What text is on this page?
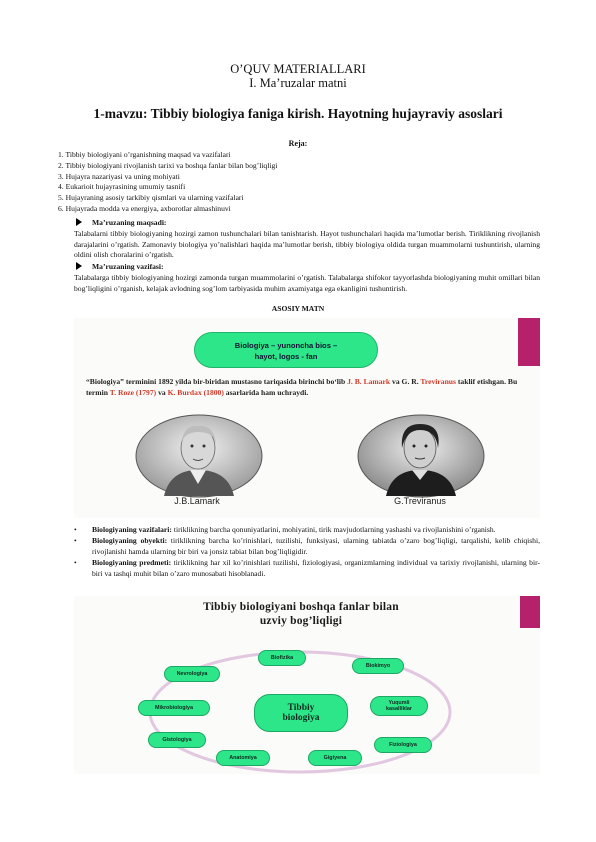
O’QUV MATERIALLARI
I. Ma’ruzalar matni
1-mavzu: Tibbiy biologiya faniga kirish. Hayotning hujayraviy asoslari
Reja:
1. Tibbiy biologiyani o’rganishning maqsad va vazifalari
2. Tibbiy biologiyani rivojlanish tarixi va boshqa fanlar bilan bog’liqligi
3. Hujayra nazariyasi va uning mohiyati
4. Eukarioit hujayrasining umumiy tasnifi
5. Hujayraning asosiy tarkibiy qismlari va ularning vazifalari
6. Hujayrada modda va energiya, axborotlar almashinuvi
Ma’ruzaning maqsadi:
Talabalarni tibbiy biologiyaning hozirgi zamon tushunchalari bilan tanishtarish. Hayot tushunchalari haqida ma’lumotlar berish. Tiriklikning rivojlanish darajalarini o’rgatish. Zamonaviy biologiya yo’nalishlari haqida ma’lumotlar berish, tibbiy biologiya oldida turgan muammolarni tushuntirish, ularning oldini olish choralarini o’rgatish.
Ma’ruzaning vazifasi:
Talabalarga tibbiy biologiyaning hozirgi zamonda turgan muammolarini o’rgatish. Talabalarga shifokor tayyorlashda biologiyaning muhit omillari bilan bog’liqligini o’rganish, kelajak avlodning sog’lom tarbiyasida muhim axamiyatga ega ekanligini tushuntirish.
ASOSIY MATN
Biologiya – yunoncha bios –
hayot, logos - fan
“Biologiya” terminini 1892 yilda bir-biridan mustasno tariqasida birinchi bo‘lib J. B. Lamark va G. R. Treviranus taklif etishgan. Bu termin T. Roze (1797) va K. Burdax (1800) asarlarida ham uchraydi.
J.B.Lamark	G.Treviranus
• Biologiyaning vazifalari: tiriklikning barcha qonuniyatlarini, mohiyatini, tirik mavjudotlarning yashashi va rivojlanishini o’rganish.
• Biologiyaning obyekti: tiriklikning barcha ko’rinishlari, tuzilishi, funksiyasi, ularning tabiatda o’zaro bog’liqligi, tarqalishi, kelib chiqishi, rivojlanishi hamda ularning bir biri va jonsiz tabiat bilan bog’liqligidir.
• Biologiyaning predmeti: tiriklikning har xil ko’rinishlari tuzilishi, fiziologiyasi, organizmlarning individual va tarixiy rivojlanishi, ularning bir-biri va tashqi muhit bilan o’zaro munosabati hisoblanadi.
Tibbiy biologiyani boshqa fanlar bilan
uzviy bog’liqligi
Biofizika
Biokimyo
Nevrologiya
Yuqumli
kasalliklar
Mikrobiologiya
Fiziologiya
Gistologiya
Anatomiya	Gigiyena
Tibbiy
biologiya
